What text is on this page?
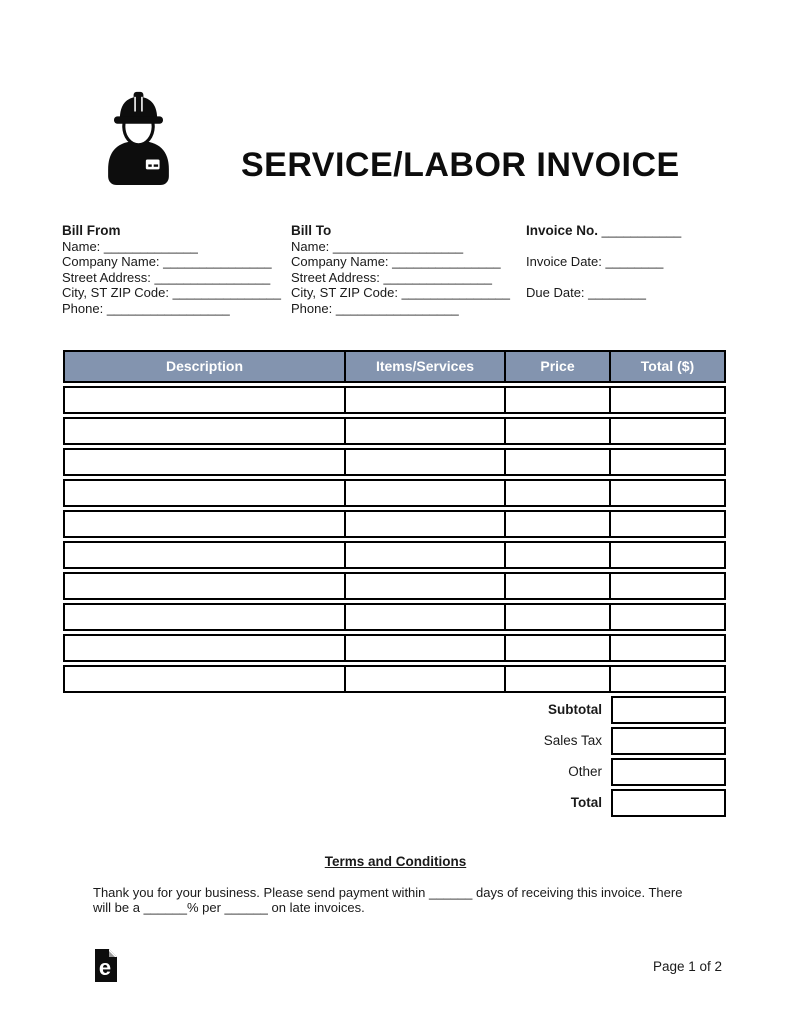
SERVICE/LABOR INVOICE
Bill From
Name: _____________
Company Name: _______________
Street Address: ________________
City, ST ZIP Code: _______________
Phone: _________________
Bill To
Name: __________________
Company Name: _______________
Street Address: _______________
City, ST ZIP Code: _______________
Phone: _________________
Invoice No. ___________
Invoice Date: ________
Due Date: ________
Description	Items/Services	Price	Total ($)

Subtotal
Sales Tax
Other
Total
Terms and Conditions

Thank you for your business. Please send payment within ______ days of receiving this invoice. There will be a ______% per ______ on late invoices.

e	Page 1 of 2
